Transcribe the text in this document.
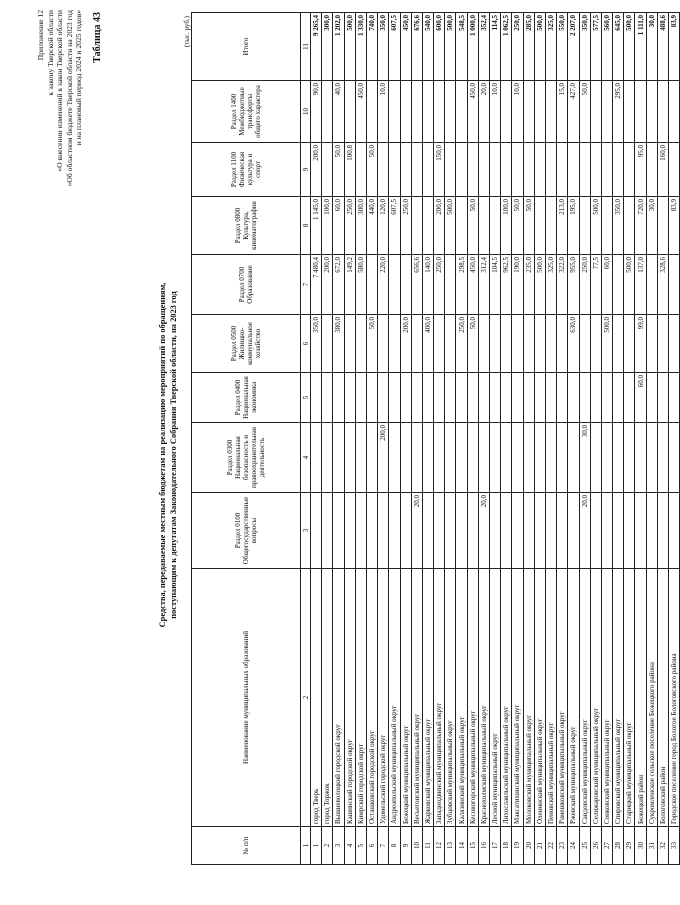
Приложение 12 к закону Тверской области «О внесении изменений в закон Тверской области «Об областном бюджете Тверской области на 2023 год и на плановый период 2024 и 2025 годов» Таблица 43
Средства, передаваемые местным бюджетам на реализацию мероприятий по обращениям, поступающим к депутатам Законодательного Собрания Тверской области, на 2023 год
(тыс. руб.)
№ п/п	Наименование муниципальных образований	Раздел 0100 Общегосударственные вопросы	Раздел 0300 Национальная безопасность и правоохранительная деятельность	Раздел 0400 Национальная экономика	Раздел 0500 Жилищно-коммунальное хозяйство	Раздел 0700 Образование	Раздел 0800 Культура, кинематография	Раздел 1100 Физическая культура и спорт	Раздел 1400 Межбюджетные трансферты общего характера	Итого
1	2	3	4	5	6	7	8	9	10	11
1	город Тверь				350,0	7 480,4	1 145,0	200,0	90,0	9 265,4
2	город Торжок					200,0	100,0			300,0
3	Вышневолоцкий городской округ				380,0	672,0	60,0	50,0	40,0	1 202,0
4	Кашинский городской округ					149,2	250,0	100,8		500,0
5	Кимрский городской округ					580,0	300,0		450,0	1 330,0
6	Осташковский городской округ				50,0		440,0	50,0		740,0
7	Удомельский городской округ		200,0			220,0	120,0		10,0	350,0
8	Андреапольский муниципальный округ						607,5			607,5
9	Бежецкий муниципальный округ				200,0		250,0			450,0
10	Весьегонский муниципальный округ	20,0				656,6				676,6
11	Жарковский муниципальный округ				400,0	140,0				540,0
12	Западнодвинский муниципальный округ					250,0	200,0	150,0		600,0
13	Зубцовский муниципальный округ						500,0			500,0
14	Калязинский муниципальный округ				250,0	298,5				548,5
15	Кесовогорский муниципальный округ				50,0	450,0	50,0		450,0	1 000,0
16	Краснохолмский муниципальный округ	20,0				312,4			20,0	352,4
17	Лесной муниципальный округ					104,5			10,0	114,5
18	Лихославльский муниципальный округ					962,5	100,0			1 062,5
19	Максатихинский муниципальный округ					190,0	50,0		10,0	250,0
20	Молоковский муниципальный округ					235,0	50,0			285,0
21	Оленинский муниципальный округ					500,0				500,0
22	Пеновский муниципальный округ					325,0				325,0
23	Рамешковский муниципальный округ					322,0	213,0		15,0	550,0
24	Ржевский муниципальный округ				630,0	955,0	195,0		427,0	2 207,0
25	Сандовский муниципальный округ	20,0	30,0			250,0			50,0	350,0
26	Селижаровский муниципальный округ					77,5	500,0			577,5
27	Сонковский муниципальный округ				500,0	60,0				560,0
28	Спировский муниципальный округ						350,0		295,0	645,0
29	Старицкий муниципальный округ					500,0				500,0
30	Бежецкий район			60,0	99,0	137,0	720,0	95,0		1 111,0
31	Сукромленское сельское поселение Бежецкого района						30,0			30,0
32	Бологовский район					328,6		160,0		488,6
33	Городское поселение город Бологое Бологовского района						83,9			83,9
